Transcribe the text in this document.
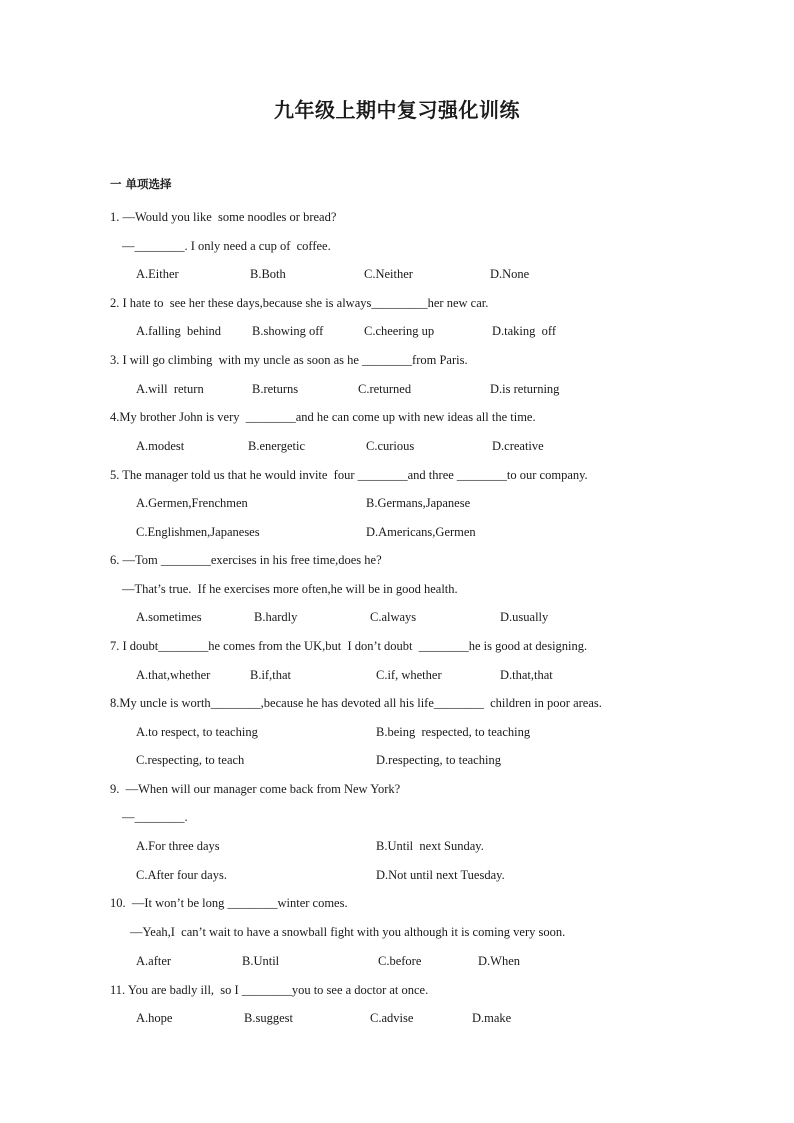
九年级上期中复习强化训练
一 单项选择
1. —Would you like  some noodles or bread?
—________. I only need a cup of  coffee.
A.Either	B.Both	C.Neither	D.None
2. I hate to  see her these days,because she is always_________her new car.
A.falling  behind B.showing off	C.cheering up	D.taking  off
3. I will go climbing  with my uncle as soon as he ________from Paris.
A.will  return	B.returns	C.returned	D.is returning
4.My brother John is very  ________and he can come up with new ideas all the time.
A.modest	B.energetic	C.curious	D.creative
5. The manager told us that he would invite  four ________and three ________to our company.
A.Germen,Frenchmen	B.Germans,Japanese
C.Englishmen,Japaneses	D.Americans,Germen
6. —Tom ________exercises in his free time,does he?
—That’s true.  If he exercises more often,he will be in good health.
A.sometimes	B.hardly	C.always	D.usually
7. I doubt________he comes from the UK,but  I don’t doubt  ________he is good at designing.
A.that,whether	B.if,that	C.if, whether	D.that,that
8.My uncle is worth________,because he has devoted all his life________  children in poor areas.
A.to respect, to teaching	B.being  respected, to teaching
C.respecting, to teach	D.respecting, to teaching
9.  —When will our manager come back from New York?
—________.
A.For three days	B.Until  next Sunday.
C.After four days.	D.Not until next Tuesday.
10.  —It won’t be long ________winter comes.
—Yeah,I  can’t wait to have a snowball fight with you although it is coming very soon.
A.after	B.Until	C.before	D.When
11. You are badly ill,  so I ________you to see a doctor at once.
A.hope	B.suggest	C.advise	D.make
